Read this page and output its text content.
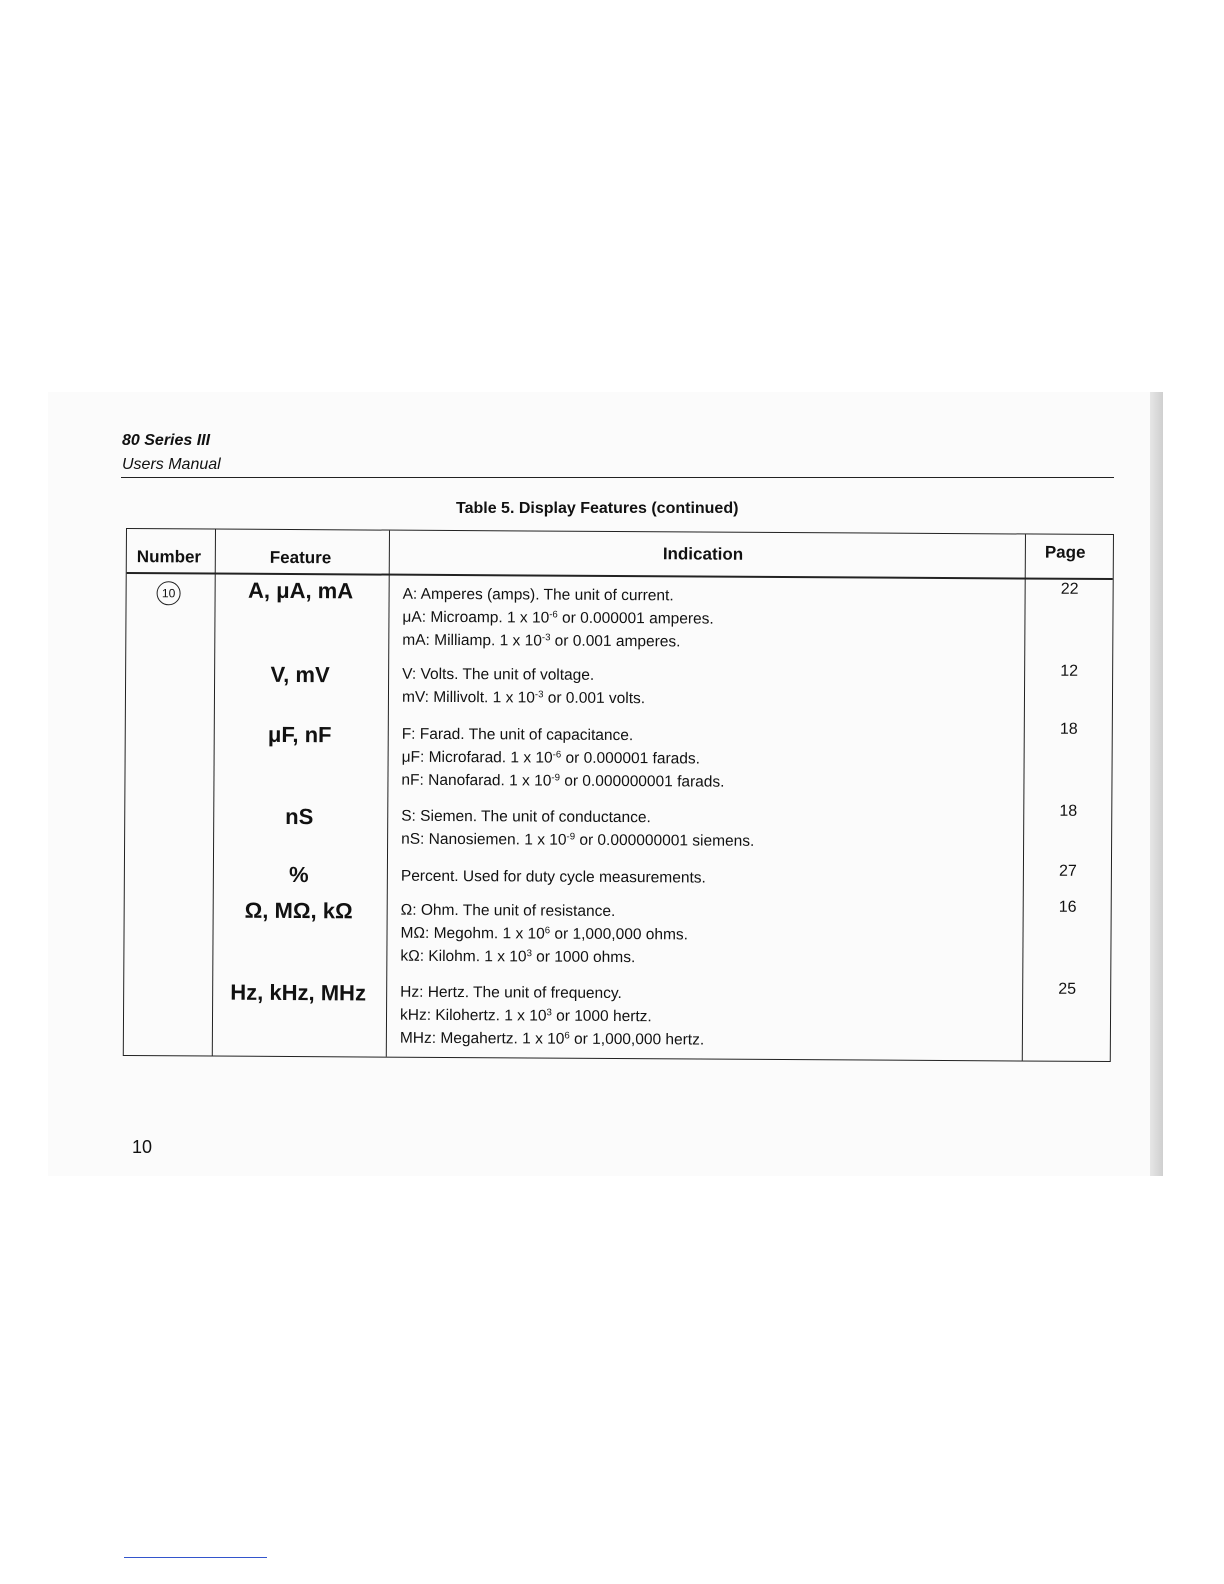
80 Series III
Users Manual
Table 5. Display Features (continued)
Number	Feature	Indication	Page
10	A, μA, mA	A: Amperes (amps). The unit of current.
μA: Microamp. 1 x $10^{-6}$ or 0.000001 amperes.
mA: Milliamp. 1 x $10^{-3}$ or 0.001 amperes.
22
V, mV	V: Volts. The unit of voltage.
mV: Millivolt. 1 x $10^{-3}$ or 0.001 volts.
12
μF, nF	F: Farad. The unit of capacitance.
μF: Microfarad. 1 x $10^{-6}$ or 0.000001 farads.
nF: Nanofarad. 1 x $10^{-9}$ or 0.000000001 farads.
18
nS	S: Siemen. The unit of conductance.
nS: Nanosiemen. 1 x $10^{-9}$ or 0.000000001 siemens.
18
%	Percent. Used for duty cycle measurements.	27
Ω, MΩ, kΩ	Ω: Ohm. The unit of resistance.
MΩ: Megohm. 1 x $10^6$ or 1,000,000 ohms.
kΩ: Kilohm. 1 x $10^3$ or 1000 ohms.
16
Hz, kHz, MHz	Hz: Hertz. The unit of frequency.
kHz: Kilohertz. 1 x $10^3$ or 1000 hertz.
MHz: Megahertz. 1 x $10^6$ or 1,000,000 hertz.
25
10
